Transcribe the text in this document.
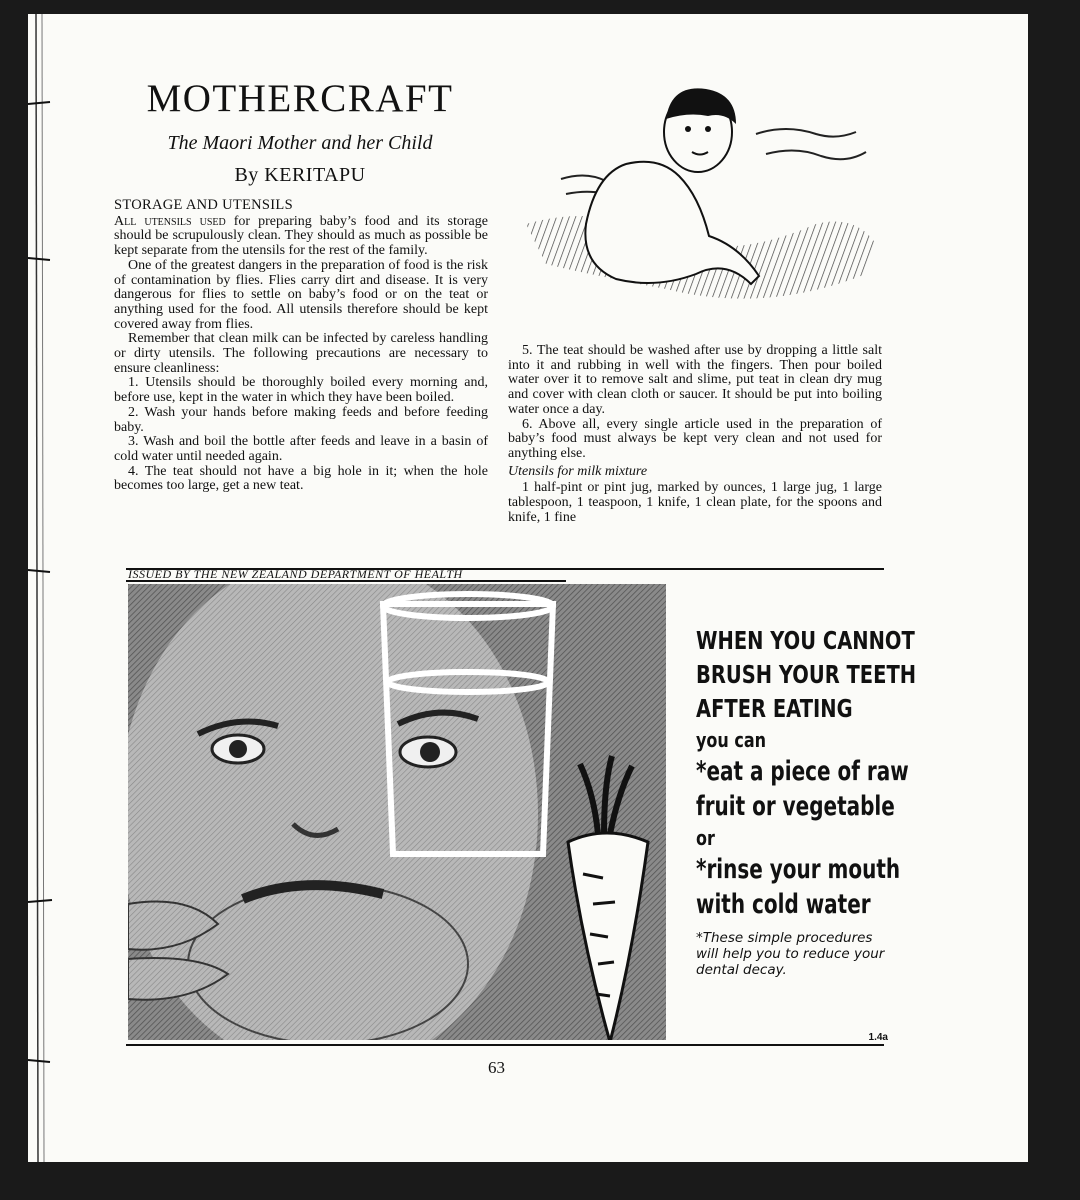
MOTHERCRAFT
The Maori Mother and her Child
By KERITAPU

STORAGE AND UTENSILS

All utensils used for preparing baby’s food and its storage should be scrupulously clean. They should as much as possible be kept separate from the utensils for the rest of the family.

One of the greatest dangers in the preparation of food is the risk of contamination by flies. Flies carry dirt and disease. It is very dangerous for flies to settle on baby’s food or on the teat or anything used for the food. All utensils therefore should be kept covered away from flies.

Remember that clean milk can be infected by careless handling or dirty utensils. The following precautions are necessary to ensure cleanliness:

1. Utensils should be thoroughly boiled every morning and, before use, kept in the water in which they have been boiled.

2. Wash your hands before making feeds and before feeding baby.

3. Wash and boil the bottle after feeds and leave in a basin of cold water until needed again.

4. The teat should not have a big hole in it; when the hole becomes too large, get a new teat.

5. The teat should be washed after use by dropping a little salt into it and rubbing in well with the fingers. Then pour boiled water over it to remove salt and slime, put teat in clean dry mug and cover with clean cloth or saucer. It should be put into boiling water once a day.

6. Above all, every single article used in the preparation of baby’s food must always be kept very clean and not used for anything else.

Utensils for milk mixture

1 half-pint or pint jug, marked by ounces, 1 large jug, 1 large tablespoon, 1 teaspoon, 1 knife, 1 clean plate, for the spoons and knife, 1 fine

ISSUED BY THE NEW ZEALAND DEPARTMENT OF HEALTH
WHEN YOU CANNOT
BRUSH YOUR TEETH
AFTER EATING
you can
*eat a piece of raw
fruit or vegetable
or
*rinse your mouth
with cold water
*These simple procedures will help you to reduce your dental decay.
1.4a
63
